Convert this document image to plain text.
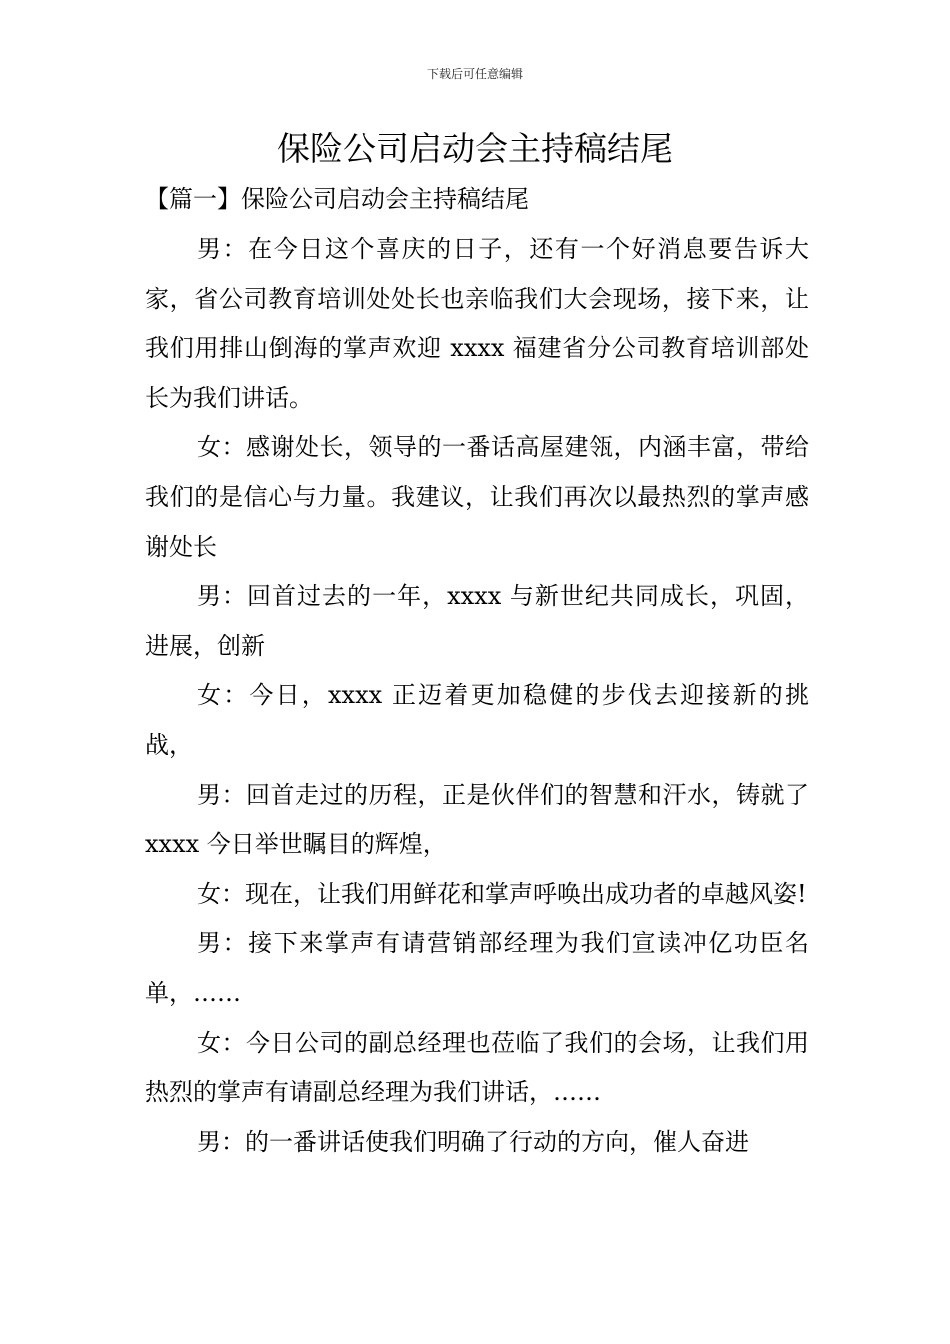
下载后可任意编辑
保险公司启动会主持稿结尾
【篇一】保险公司启动会主持稿结尾

男：在今日这个喜庆的日子，还有一个好消息要告诉大家，省公司教育培训处处长也亲临我们大会现场，接下来，让我们用排山倒海的掌声欢迎 xxxx 福建省分公司教育培训部处长为我们讲话。

女：感谢处长，领导的一番话高屋建瓴，内涵丰富，带给我们的是信心与力量。我建议，让我们再次以最热烈的掌声感谢处长

男：回首过去的一年，xxxx 与新世纪共同成长，巩固，进展，创新

女：今日，xxxx 正迈着更加稳健的步伐去迎接新的挑战，

男：回首走过的历程，正是伙伴们的智慧和汗水，铸就了 xxxx 今日举世瞩目的辉煌，

女：现在，让我们用鲜花和掌声呼唤出成功者的卓越风姿!

男：接下来掌声有请营销部经理为我们宣读冲亿功臣名单，……

女：今日公司的副总经理也莅临了我们的会场，让我们用热烈的掌声有请副总经理为我们讲话，……

男：的一番讲话使我们明确了行动的方向，催人奋进
